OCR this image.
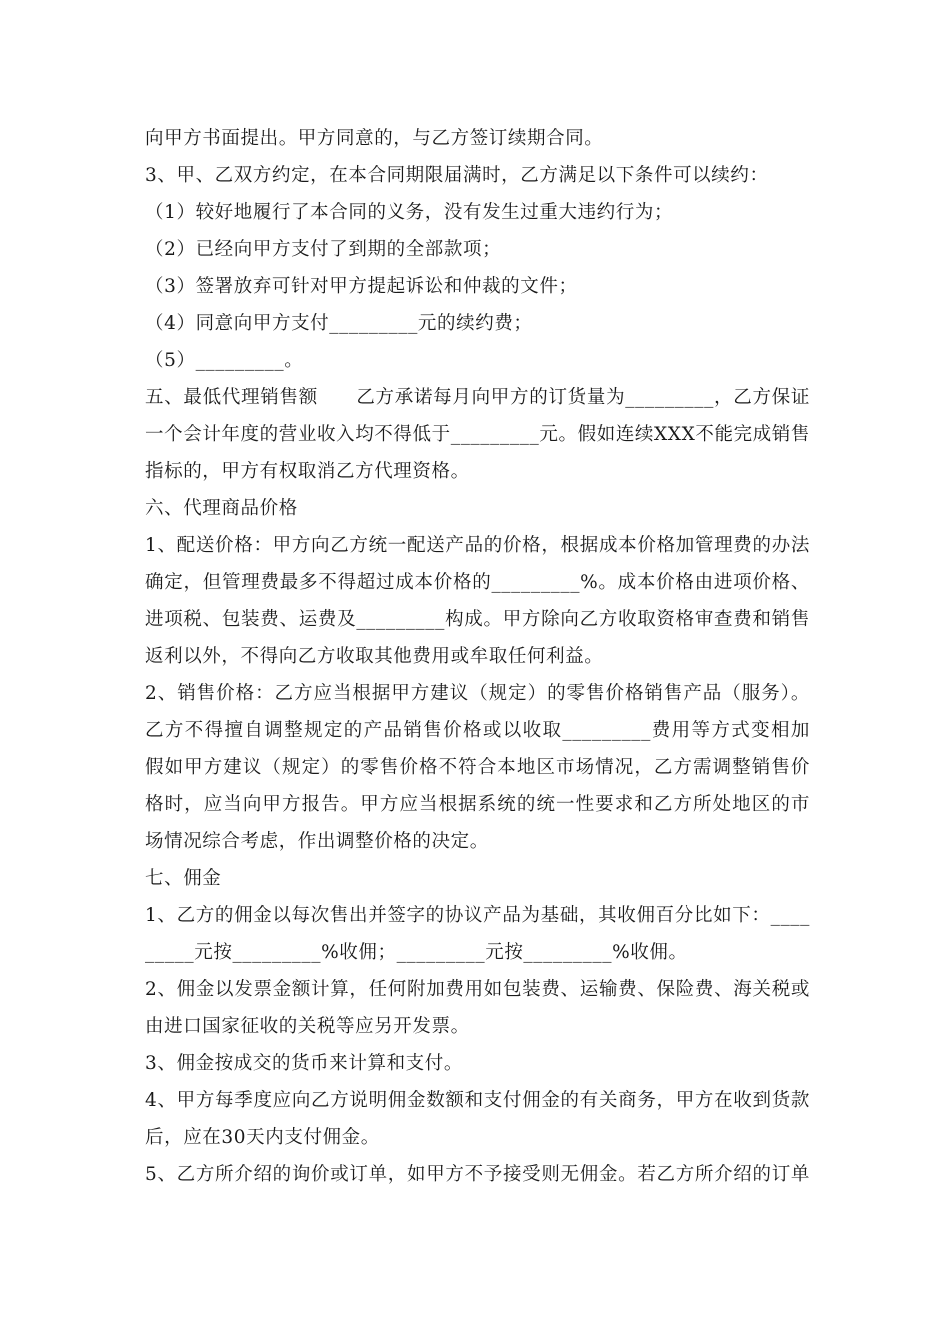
向甲方书面提出。甲方同意的，与乙方签订续期合同。
3、甲、乙双方约定，在本合同期限届满时，乙方满足以下条件可以续约：
（1）较好地履行了本合同的义务，没有发生过重大违约行为；
（2）已经向甲方支付了到期的全部款项；
（3）签署放弃可针对甲方提起诉讼和仲裁的文件；
（4）同意向甲方支付_________元的续约费；
（5）_________。
五、最低代理销售额　　乙方承诺每月向甲方的订货量为_________，乙方保证
一个会计年度的营业收入均不得低于_________元。假如连续XXX不能完成销售
指标的，甲方有权取消乙方代理资格。
六、代理商品价格
1、配送价格：甲方向乙方统一配送产品的价格，根据成本价格加管理费的办法
确定，但管理费最多不得超过成本价格的_________%。成本价格由进项价格、
进项税、包装费、运费及_________构成。甲方除向乙方收取资格审查费和销售
返利以外，不得向乙方收取其他费用或牟取任何利益。
2、销售价格：乙方应当根据甲方建议（规定）的零售价格销售产品（服务）。
乙方不得擅自调整规定的产品销售价格或以收取_________费用等方式变相加
假如甲方建议（规定）的零售价格不符合本地区市场情况，乙方需调整销售价
格时，应当向甲方报告。甲方应当根据系统的统一性要求和乙方所处地区的市
场情况综合考虑，作出调整价格的决定。
七、佣金
1、乙方的佣金以每次售出并签字的协议产品为基础，其收佣百分比如下：____
_____元按_________%收佣；_________元按_________%收佣。
2、佣金以发票金额计算，任何附加费用如包装费、运输费、保险费、海关税或
由进口国家征收的关税等应另开发票。
3、佣金按成交的货币来计算和支付。
4、甲方每季度应向乙方说明佣金数额和支付佣金的有关商务，甲方在收到货款
后，应在30天内支付佣金。
5、乙方所介绍的询价或订单，如甲方不予接受则无佣金。若乙方所介绍的订单
